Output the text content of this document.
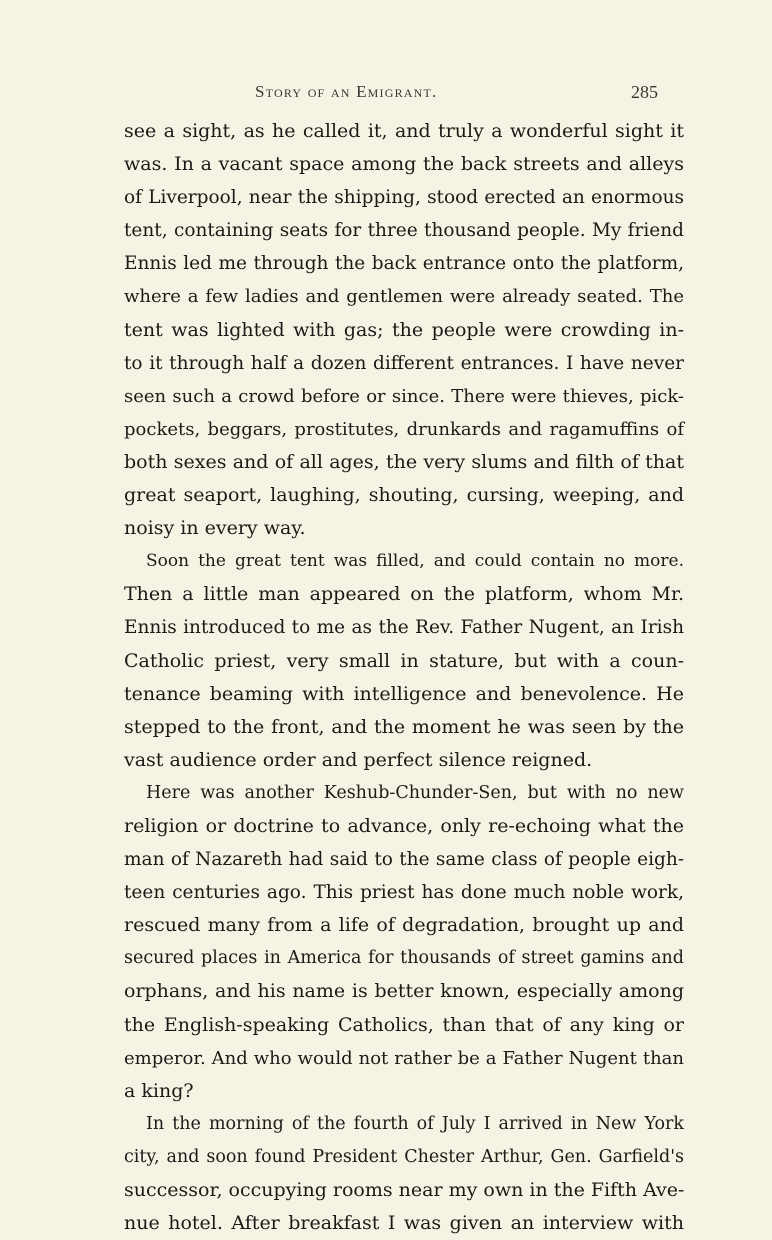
Story of an Emigrant.	285
see a sight, as he called it, and truly a wonderful sight it
was. In a vacant space among the back streets and alleys
of Liverpool, near the shipping, stood erected an enormous
tent, containing seats for three thousand people. My friend
Ennis led me through the back entrance onto the platform,
where a few ladies and gentlemen were already seated. The
tent was lighted with gas; the people were crowding in-
to it through half a dozen different entrances. I have never
seen such a crowd before or since. There were thieves, pick-
pockets, beggars, prostitutes, drunkards and ragamuffins of
both sexes and of all ages, the very slums and filth of that
great seaport, laughing, shouting, cursing, weeping, and
noisy in every way.
Soon the great tent was filled, and could contain no more.
Then a little man appeared on the platform, whom Mr.
Ennis introduced to me as the Rev. Father Nugent, an Irish
Catholic priest, very small in stature, but with a coun-
tenance beaming with intelligence and benevolence. He
stepped to the front, and the moment he was seen by the
vast audience order and perfect silence reigned.
Here was another Keshub-Chunder-Sen, but with no new
religion or doctrine to advance, only re-echoing what the
man of Nazareth had said to the same class of people eigh-
teen centuries ago. This priest has done much noble work,
rescued many from a life of degradation, brought up and
secured places in America for thousands of street gamins and
orphans, and his name is better known, especially among
the English-speaking Catholics, than that of any king or
emperor. And who would not rather be a Father Nugent than
a king?
In the morning of the fourth of July I arrived in New York
city, and soon found President Chester Arthur, Gen. Garfield's
successor, occupying rooms near my own in the Fifth Ave-
nue hotel. After breakfast I was given an interview with
